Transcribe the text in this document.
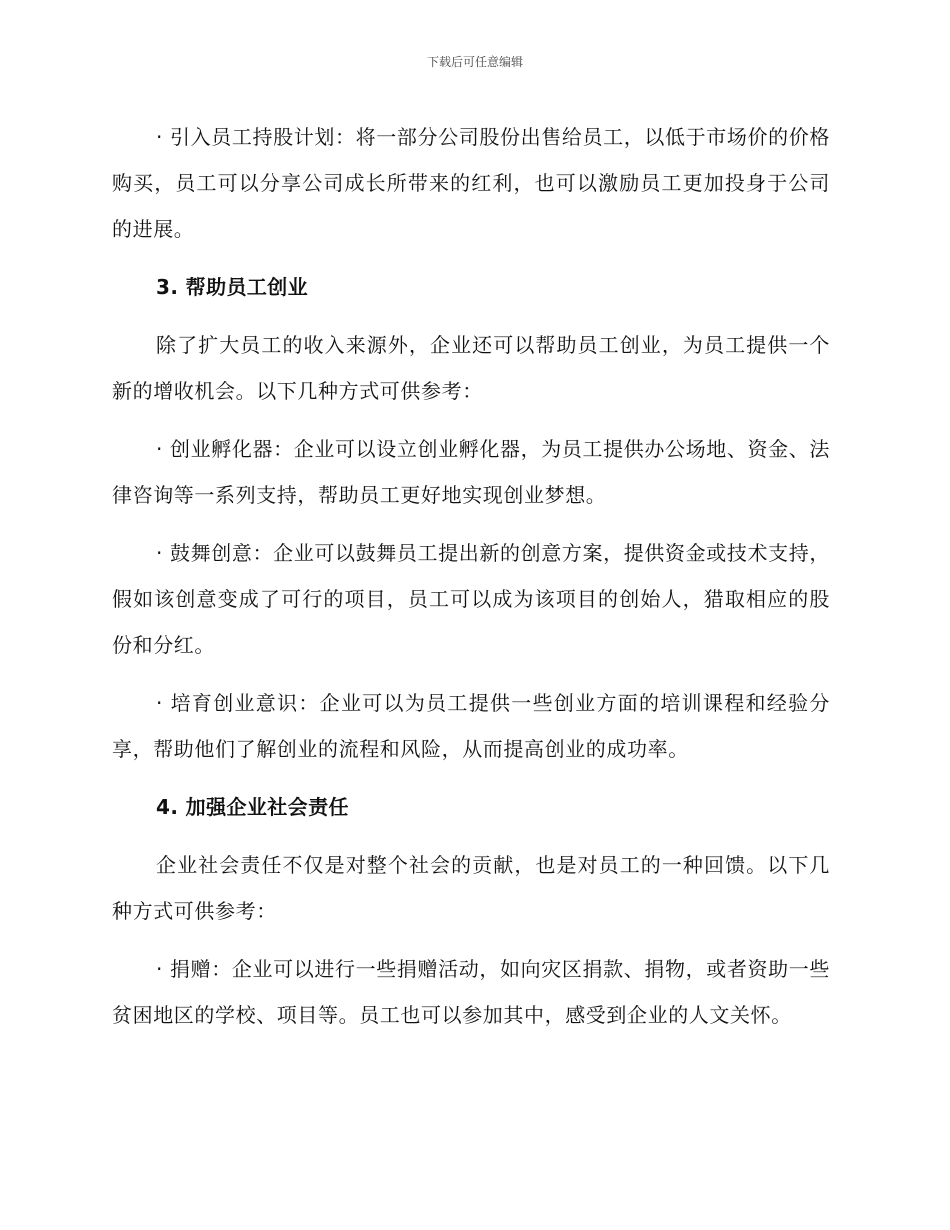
下载后可任意编辑

· 引入员工持股计划：将一部分公司股份出售给员工，以低于市场价的价格购买，员工可以分享公司成长所带来的红利，也可以激励员工更加投身于公司的进展。

3. 帮助员工创业

除了扩大员工的收入来源外，企业还可以帮助员工创业，为员工提供一个新的增收机会。以下几种方式可供参考：

· 创业孵化器：企业可以设立创业孵化器，为员工提供办公场地、资金、法律咨询等一系列支持，帮助员工更好地实现创业梦想。

· 鼓舞创意：企业可以鼓舞员工提出新的创意方案，提供资金或技术支持，假如该创意变成了可行的项目，员工可以成为该项目的创始人，猎取相应的股份和分红。

· 培育创业意识：企业可以为员工提供一些创业方面的培训课程和经验分享，帮助他们了解创业的流程和风险，从而提高创业的成功率。

4. 加强企业社会责任

企业社会责任不仅是对整个社会的贡献，也是对员工的一种回馈。以下几种方式可供参考：

· 捐赠：企业可以进行一些捐赠活动，如向灾区捐款、捐物，或者资助一些贫困地区的学校、项目等。员工也可以参加其中，感受到企业的人文关怀。
